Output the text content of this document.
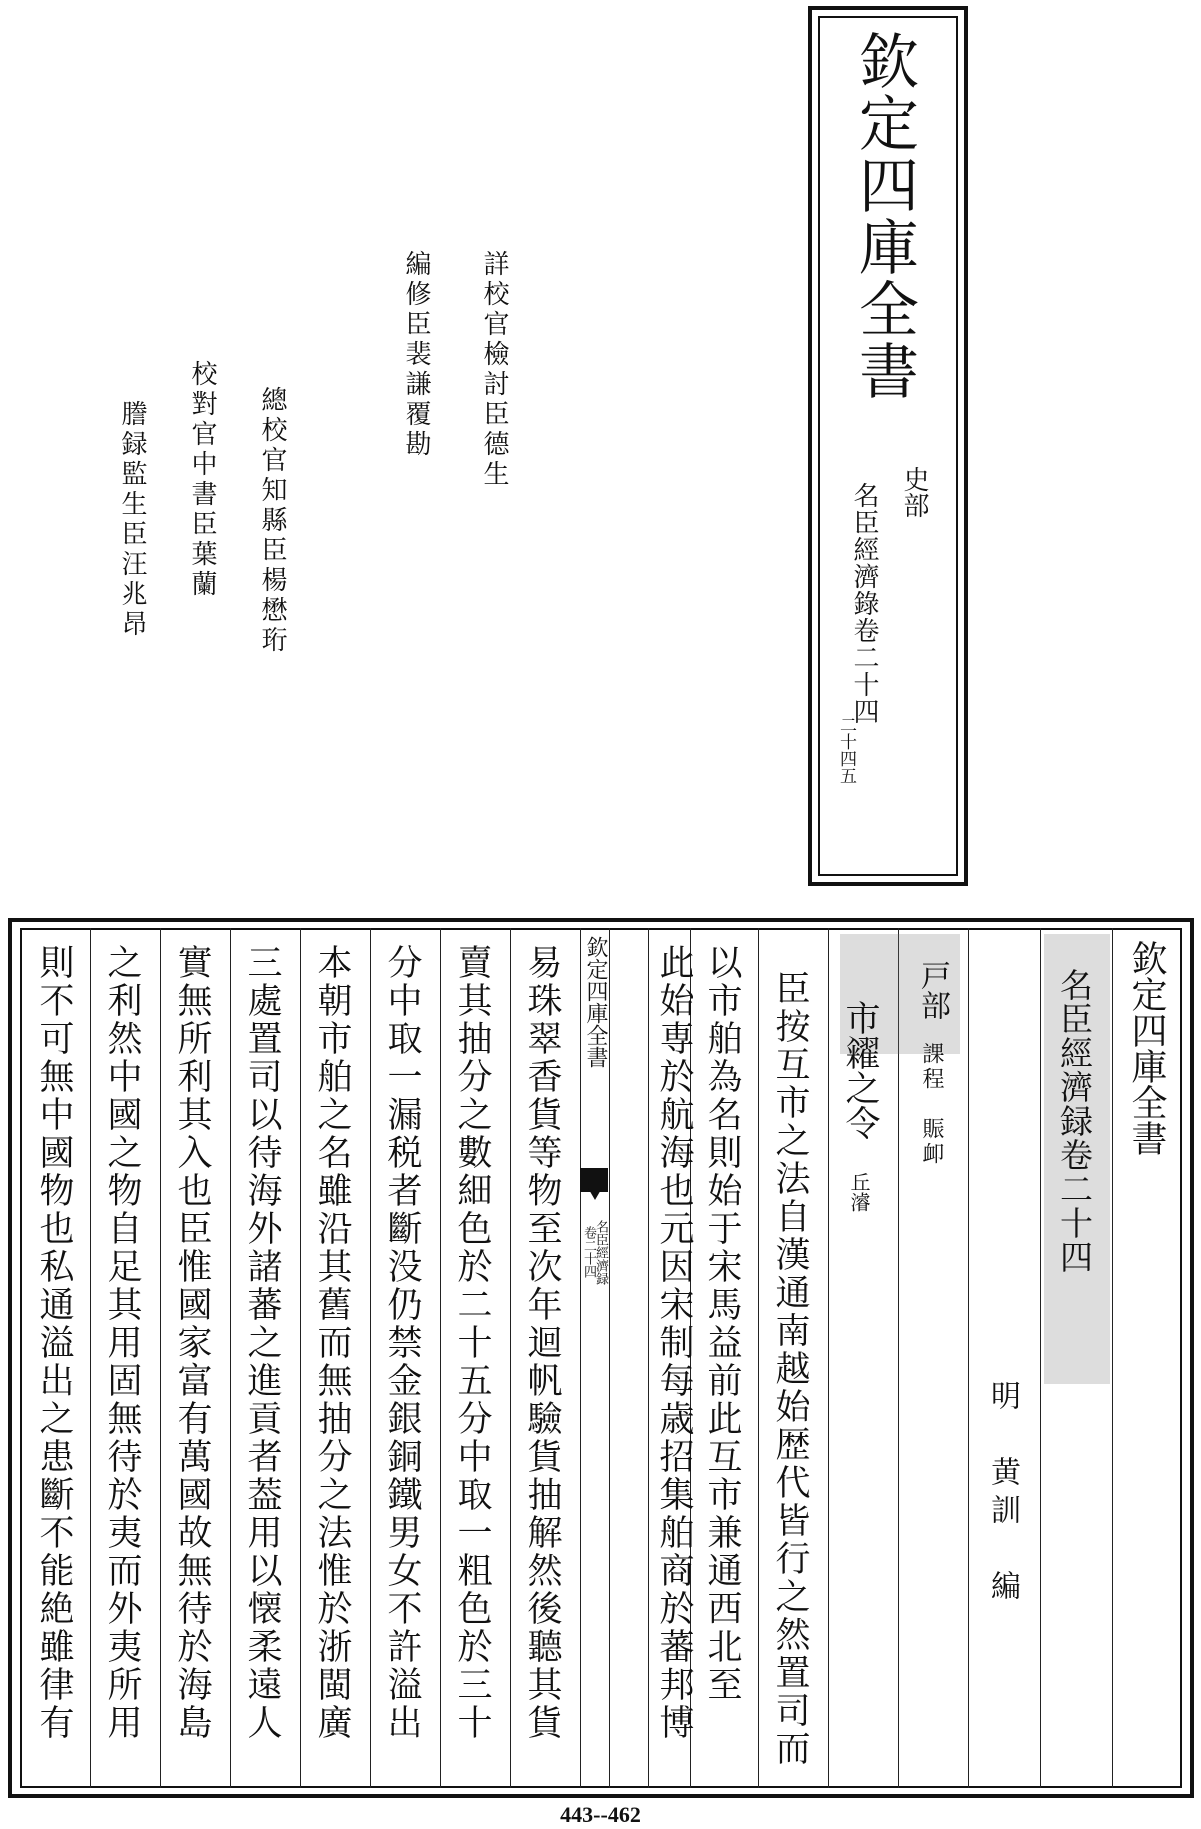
欽定四庫全書
史部
名臣經濟錄卷二十四
二十四五
詳校官檢討臣德生
編修臣裴謙覆勘
總校官知縣臣楊懋珩
校對官中書臣葉蘭
謄録監生臣汪兆昂
欽定四庫全書
名臣經濟録卷二十四
明　黄訓　編
戸部
課程　賑卹
市糴之令
丘濬
臣按互市之法自漢通南越始歴代皆行之然置司而
以市舶為名則始于宋馬益前此互市兼通西北至
此始専於航海也元因宋制每歳招集舶商於蕃邦博
欽定四庫全書
名臣經濟録
卷二十四
易珠翠香貨等物至次年迴帆驗貨抽解然後聽其貨
賣其抽分之數細色於二十五分中取一粗色於三十
分中取一漏税者斷没仍禁金銀銅鐵男女不許溢出
本朝市舶之名雖沿其舊而無抽分之法惟於浙閩廣
三處置司以待海外諸蕃之進貢者葢用以懐柔遠人
實無所利其入也臣惟國家富有萬國故無待於海島
之利然中國之物自足其用固無待於夷而外夷所用
則不可無中國物也私通溢出之患斷不能絶雖律有
443--462
